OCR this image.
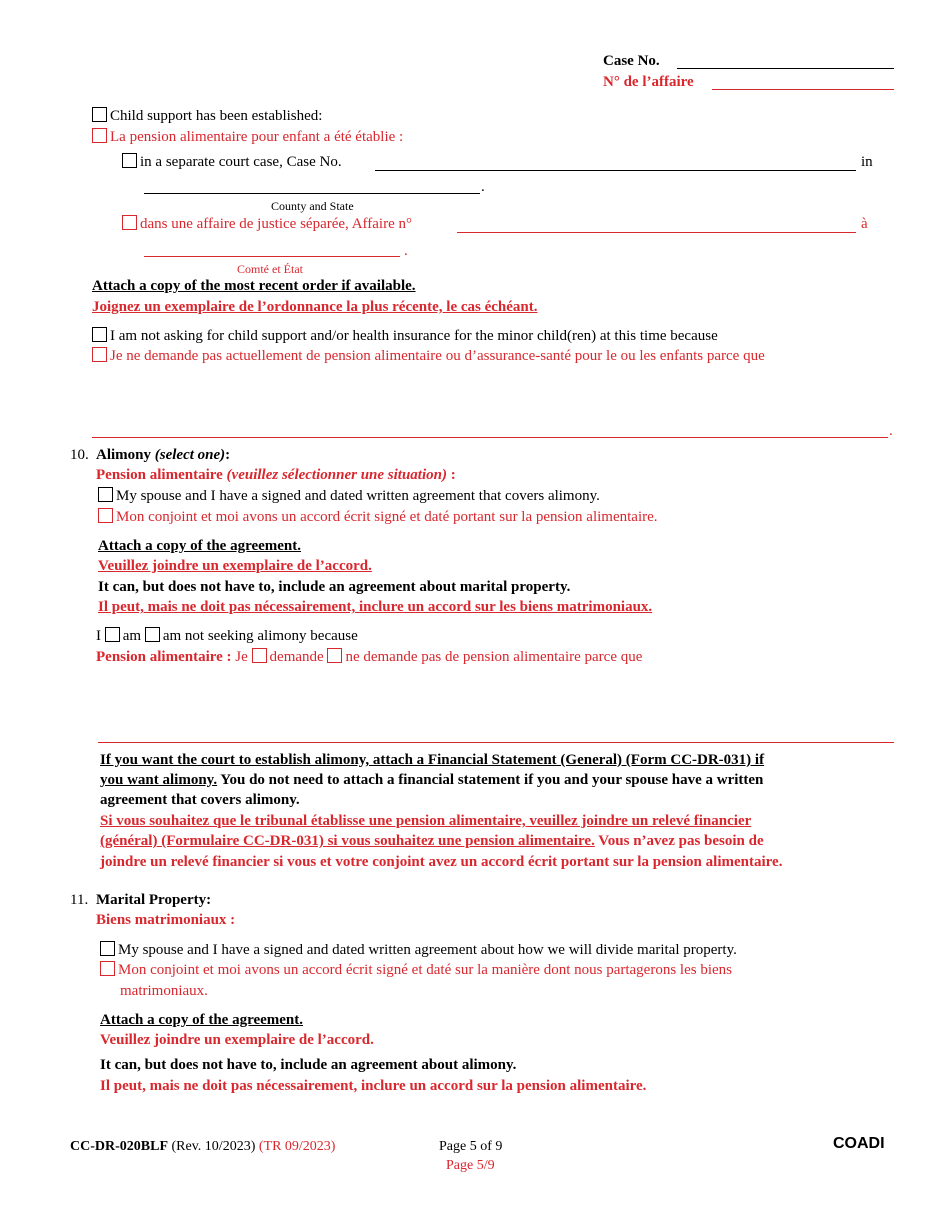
Case No.
N° de l’affaire
Child support has been established:
La pension alimentaire pour enfant a été établie :
in a separate court case, Case No.	in
.
County and State
dans une affaire de justice séparée, Affaire n°	à
.
Comté et État
Attach a copy of the most recent order if available.
Joignez un exemplaire de l’ordonnance la plus récente, le cas échéant.
I am not asking for child support and/or health insurance for the minor child(ren) at this time because
Je ne demande pas actuellement de pension alimentaire ou d’assurance-santé pour le ou les enfants parce que
.
10. Alimony (select one):
Pension alimentaire (veuillez sélectionner une situation) :
My spouse and I have a signed and dated written agreement that covers alimony.
Mon conjoint et moi avons un accord écrit signé et daté portant sur la pension alimentaire.
Attach a copy of the agreement.
Veuillez joindre un exemplaire de l’accord.
It can, but does not have to, include an agreement about marital property.
Il peut, mais ne doit pas nécessairement, inclure un accord sur les biens matrimoniaux.
I am am not seeking alimony because
Pension alimentaire : Je demande ne demande pas de pension alimentaire parce que
If you want the court to establish alimony, attach a Financial Statement (General) (Form CC-DR-031) if
you want alimony. You do not need to attach a financial statement if you and your spouse have a written
agreement that covers alimony.
Si vous souhaitez que le tribunal établisse une pension alimentaire, veuillez joindre un relevé financier
(général) (Formulaire CC-DR-031) si vous souhaitez une pension alimentaire. Vous n’avez pas besoin de
joindre un relevé financier si vous et votre conjoint avez un accord écrit portant sur la pension alimentaire.
11. Marital Property:
Biens matrimoniaux :
My spouse and I have a signed and dated written agreement about how we will divide marital property.
Mon conjoint et moi avons un accord écrit signé et daté sur la manière dont nous partagerons les biens
matrimoniaux.
Attach a copy of the agreement.
Veuillez joindre un exemplaire de l’accord.
It can, but does not have to, include an agreement about alimony.
Il peut, mais ne doit pas nécessairement, inclure un accord sur la pension alimentaire.
CC-DR-020BLF (Rev. 10/2023) (TR 09/2023)	Page 5 of 9
Page 5/9
COADI
